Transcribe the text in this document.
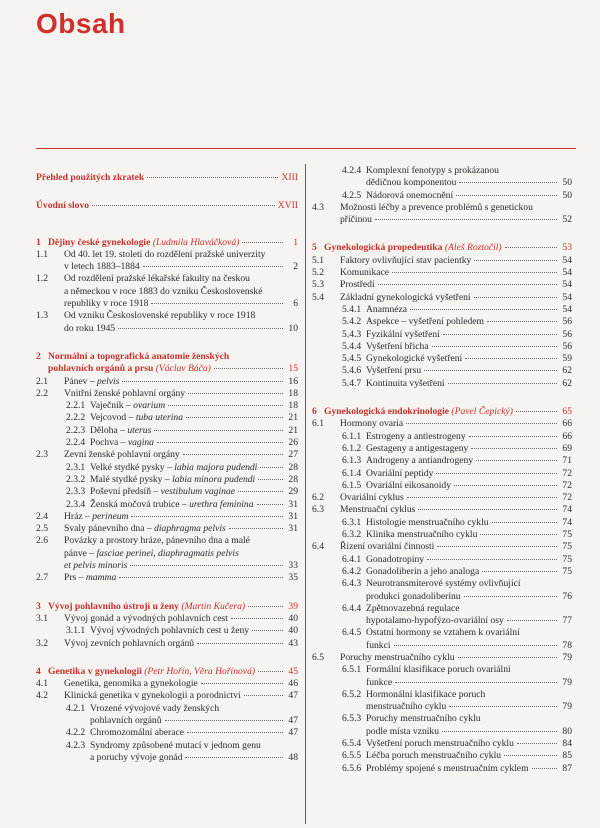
Obsah
Přehled použitých zkratek	XIII
Úvodní slovo	XVII
1 Dějiny české gynekologie (Ludmila Hlaváčková)	1
1.1	Od 40. let 19. století do rozdělení pražské univerzity
v letech 1883–1884	2
1.2	Od rozdělení pražské lékařské fakulty na českou
a německou v roce 1883 do vzniku Československé
republiky v roce 1918	6
1.3	Od vzniku Československé republiky v roce 1918
do roku 1945	10
2 Normální a topografická anatomie ženských
pohlavních orgánů a prsu (Václav Báča)	15
2.1	Pánev – pelvis	16
2.2	Vnitřní ženské pohlavní orgány	18
2.2.1 Vaječník – ovarium	18
2.2.2 Vejcovod – tuba uterina	21
2.2.3 Děloha – uterus	21
2.2.4 Pochva – vagina	26
2.3	Zevní ženské pohlavní orgány	27
2.3.1 Velké stydké pysky – labia majora pudendi	28
2.3.2 Malé stydké pysky – labia minora pudendi	28
2.3.3 Poševní předsíň – vestibulum vaginae	29
2.3.4 Ženská močová trubice – urethra feminina	31
2.4	Hráz – perineum	31
2.5	Svaly pánevního dna – diaphragma pelvis	31
2.6	Povázky a prostory hráze, pánevního dna a malé
pánve – fasciae perinei, diaphragmatis pelvis
et pelvis minoris	33
2.7	Prs – mamma	35
3 Vývoj pohlavního ústrojí u ženy (Martin Kučera)	39
3.1	Vývoj gonád a vývodných pohlavních cest	40
3.1.1 Vývoj vývodných pohlavních cest u ženy	40
3.2	Vývoj zevních pohlavních orgánů	43
4 Genetika v gynekologii (Petr Hořín, Věra Hořínová)	45
4.1	Genetika, genomika a gynekologie	46
4.2	Klinická genetika v gynekologii a porodnictví	47
4.2.1 Vrozené vývojové vady ženských
pohlavních orgánů	47
4.2.2 Chromozomální aberace	47
4.2.3 Syndromy způsobené mutací v jednom genu
a poruchy vývoje gonád	48
4.2.4 Komplexní fenotypy s prokázanou
dědičnou komponentou	50
4.2.5 Nádorová onemocnění	50
4.3	Možnosti léčby a prevence problémů s genetickou
příčinou	52
5 Gynekologická propedeutika (Aleš Roztočil)	53
5.1	Faktory ovlivňující stav pacientky	54
5.2	Komunikace	54
5.3	Prostředí	54
5.4	Základní gynekologická vyšetření	54
5.4.1 Anamnéza	54
5.4.2 Aspekce – vyšetření pohledem	56
5.4.3 Fyzikální vyšetření	56
5.4.4 Vyšetření břicha	56
5.4.5 Gynekologické vyšetření	59
5.4.6 Vyšetření prsu	62
5.4.7 Kontinuita vyšetření	62
6 Gynekologická endokrinologie (Pavel Čepický)	65
6.1	Hormony ovaria	66
6.1.1 Estrogeny a antiestrogeny	66
6.1.2 Gestageny a antigestageny	69
6.1.3 Androgeny a antiandrogeny	71
6.1.4 Ovariální peptidy	72
6.1.5 Ovariální eikosanoidy	72
6.2	Ovariální cyklus	72
6.3	Menstruační cyklus	74
6.3.1 Histologie menstruačního cyklu	74
6.3.2 Klinika menstruačního cyklu	75
6.4	Řízení ovariální činnosti	75
6.4.1 Gonadotropiny	75
6.4.2 Gonadoliberin a jeho analoga	75
6.4.3 Neurotransmiterové systémy ovlivňující
produkci gonadoliberinu	76
6.4.4 Zpětnovazebná regulace
hypotalamo-hypofýzo-ovariální osy	77
6.4.5 Ostatní hormony se vztahem k ovariální
funkci	78
6.5	Poruchy menstruačního cyklu	79
6.5.1 Formální klasifikace poruch ovariální
funkce	79
6.5.2 Hormonální klasifikace poruch
menstruačního cyklu	79
6.5.3 Poruchy menstruačního cyklu
podle místa vzniku	80
6.5.4 Vyšetření poruch menstruačního cyklu	84
6.5.5 Léčba poruch menstruačního cyklu	85
6.5.6 Problémy spojené s menstruačním cyklem	87
